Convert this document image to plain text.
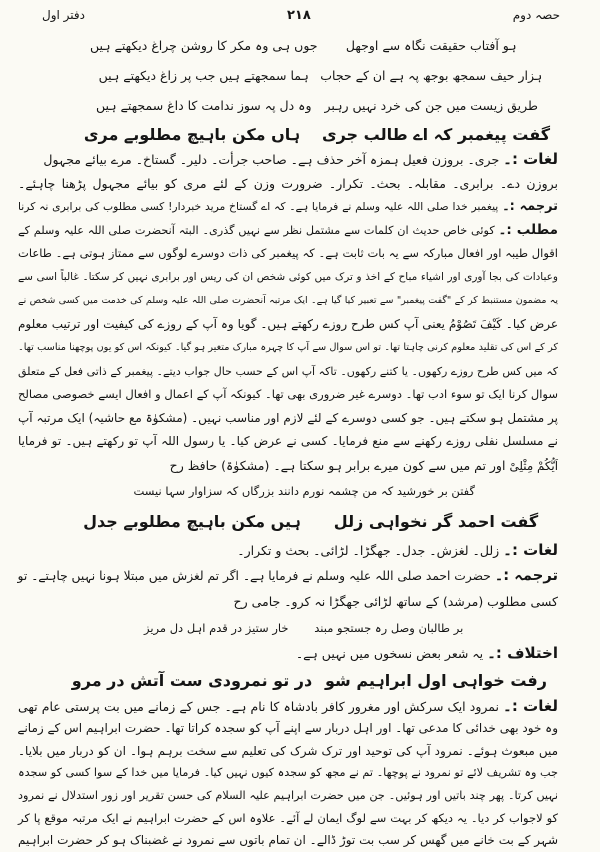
حصہ دوم
۲۱۸
دفتر اول
ہو آفتابِ حقیقت نگاہ سے اوجھل
جوں ہی وہ مکر کا روشن چراغ دیکھتے ہیں
ہزار حیف سمجھ بوجھ پہ ہے ان کے حجاب
ہما سمجھتے ہیں جب پرِ زاغ دیکھتے ہیں
طریقِ زیست میں جن کی خرد نہیں رہبر
وہ دل پہ سوزِ ندامت کا داغ سمجھتے ہیں
گفت پیغمبر کہ اے طالب جری
ہاں مکن باہیچ مطلوبے مری
لغات :۔ جری۔ بروزن فعیل ہمزہ آخر حذف ہے۔ صاحب جرأت۔ دلیر۔ گستاخ۔ مرے بیائے مجہول
بروزن دے۔ برابری۔ مقابلہ۔ بحث۔ تکرار۔ ضرورت وزن کے لئے مری کو بیائے مجہول پڑھنا چاہئے۔
ترجمہ :۔ پیغمبر خدا صلی اللہ علیہ وسلم نے فرمایا ہے۔ کہ اے گستاخ مرید خبردار! کسی مطلوب کی برابری نہ کرنا
مطلب :۔ کوئی خاص حدیث ان کلمات سے مشتمل نظر سے نہیں گذری۔ البتہ آنحضرت صلی اللہ علیہ وسلم کے
اقوال طیبہ اور افعال مبارکہ سے یہ بات ثابت ہے۔ کہ پیغمبر کی ذات دوسرے لوگوں سے ممتاز ہوتی ہے۔ طاعات
وعبادات کی بجا آوری اور اشیاء مباح کے اخذ و ترک میں کوئی شخص ان کی ریس اور برابری نہیں کر سکتا۔ غالباً اسی سے
یہ مضمون مستنبط کر کے "گفت پیغمبر" سے تعبیر کیا گیا ہے۔ ایک مرتبہ آنحضرت صلی اللہ علیہ وسلم کی خدمت میں کسی شخص نے
عرض کیا۔ کَیْفَ تَصُوْمُ یعنی آپ کس طرح روزے رکھتے ہیں۔ گویا وہ آپ کے روزے کی کیفیت اور ترتیب معلوم
کر کے اس کی تقلید معلوم کرنی چاہتا تھا۔ تو اس سوال سے آپ کا چہرہ مبارک متغیر ہو گیا۔ کیونکہ اس کو یوں پوچھنا مناسب تھا۔
کہ میں کس طرح روزے رکھوں۔ یا کتنے رکھوں۔ تاکہ آپ اس کے حسب حال جواب دیتے۔ پیغمبر کے ذاتی فعل کے متعلق
سوال کرنا ایک تو سوء ادب تھا۔ دوسرے غیر ضروری بھی تھا۔ کیونکہ آپ کے اعمال و افعال ایسے خصوصی مصالح
پر مشتمل ہو سکتے ہیں۔ جو کسی دوسرے کے لئے لازم اور مناسب نہیں۔ (مشکوٰۃ مع حاشیہ) ایک مرتبہ آپ
نے مسلسل نفلی روزے رکھنے سے منع فرمایا۔ کسی نے عرض کیا۔ یا رسول اللہ آپ تو رکھتے ہیں۔ تو فرمایا
اَیُّکُمْ مِثْلِیْ اور تم میں سے کون میرے برابر ہو سکتا ہے۔ (مشکوٰۃ) حافظ رح
گفتن بر خورشید کہ من چشمہ نورم
دانند بزرگاں کہ سزاوار سہا نیست
گفت احمد گر نخواہی زلل
ہیں مکن باہیچ مطلوبے جدل
لغات :۔ زلل۔ لغزش۔ جدل۔ جھگڑا۔ لڑائی۔ بحث و تکرار۔
ترجمہ :۔ حضرت احمد صلی اللہ علیہ وسلم نے فرمایا ہے۔ اگر تم لغزش میں مبتلا ہونا نہیں چاہتے۔ تو
کسی مطلوب (مرشد) کے ساتھ لڑائی جھگڑا نہ کرو۔ جامی رح
بر طالبان وصل رہ جستجو مبند
خار ستیز در قدم اہل دل مریز
اختلاف :۔ یہ شعر بعض نسخوں میں نہیں ہے۔
رفت خواہی اول ابراہیم شو
در تو نمرودی ست آتش در مرو
لغات :۔ نمرود ایک سرکش اور مغرور کافر بادشاہ کا نام ہے۔ جس کے زمانے میں بت پرستی عام تھی
وہ خود بھی خدائی کا مدعی تھا۔ اور اہل دربار سے اپنے آپ کو سجدہ کراتا تھا۔ حضرت ابراہیم اس کے زمانے
میں مبعوث ہوئے۔ نمرود آپ کی توحید اور ترک شرک کی تعلیم سے سخت برہم ہوا۔ ان کو دربار میں بلایا۔
جب وہ تشریف لائے تو نمرود نے پوچھا۔ تم نے مجھ کو سجدہ کیوں نہیں کیا۔ فرمایا میں خدا کے سوا کسی کو سجدہ
نہیں کرتا۔ پھر چند باتیں اور ہوئیں۔ جن میں حضرت ابراہیم علیہ السلام کی حسن تقریر اور زور استدلال نے نمرود
کو لاجواب کر دیا۔ یہ دیکھ کر بہت سے لوگ ایمان لے آئے۔ علاوہ اس کے حضرت ابراہیم نے ایک مرتبہ موقع پا کر
شہر کے بت خانے میں گھس کر سب بت توڑ ڈالے۔ ان تمام باتوں سے نمرود نے غضبناک ہو کر حضرت ابراہیم
